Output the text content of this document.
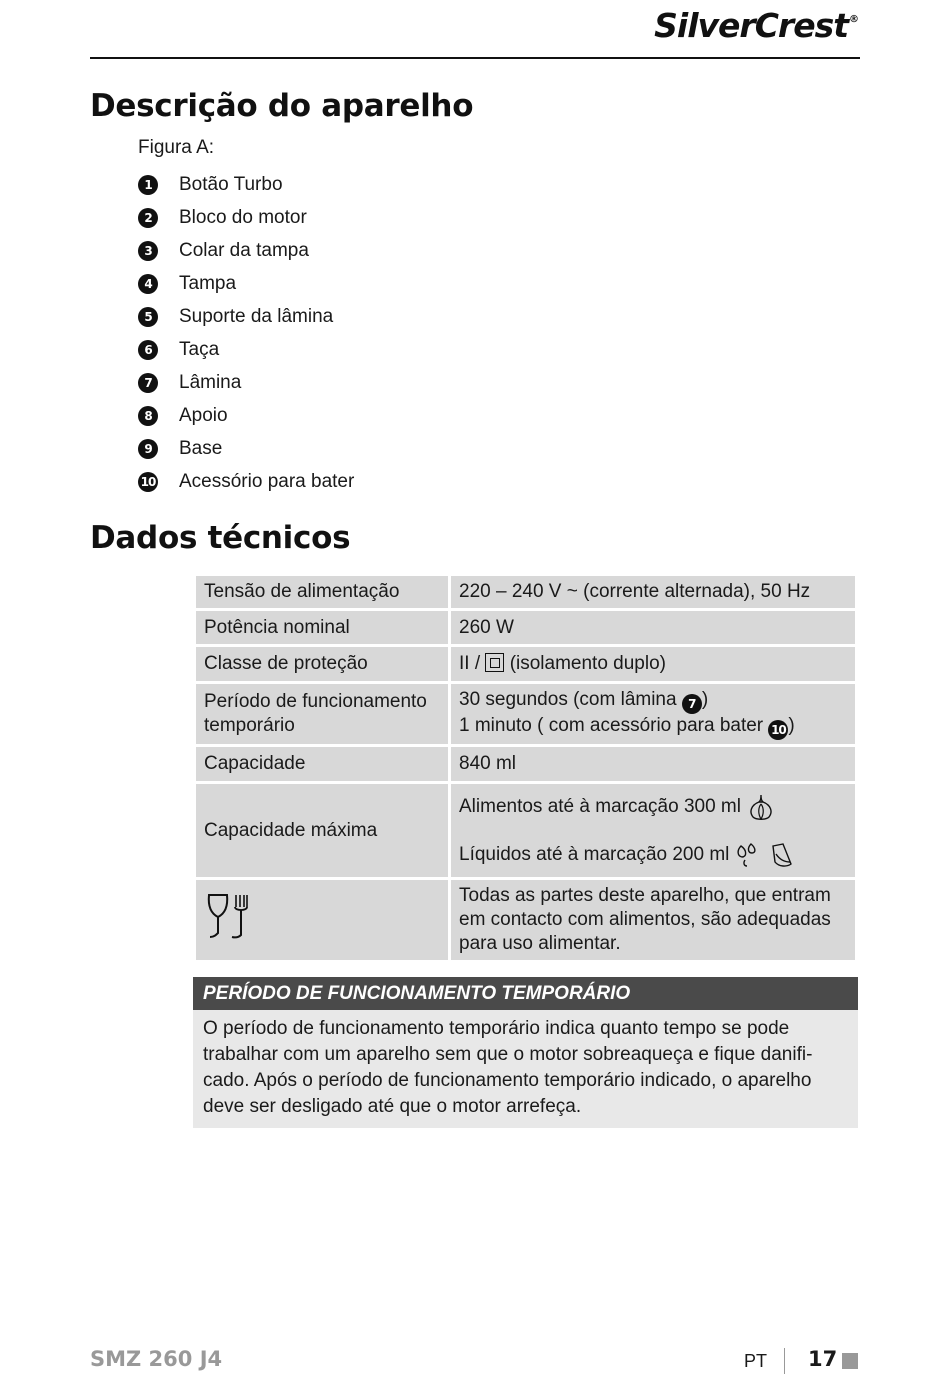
SilverCrest®
Descrição do aparelho
Figura A:
1	Botão Turbo
2	Bloco do motor
3	Colar da tampa
4	Tampa
5	Suporte da lâmina
6	Taça
7	Lâmina
8	Apoio
9	Base
10 Acessório para bater
Dados técnicos
Tensão de alimentação	220 – 240 V ~ (corrente alternada), 50 Hz
Potência nominal	260 W
Classe de proteção	II / (isolamento duplo)
Período de funcionamento temporário	30 segundos (com lâmina 7 )
1 minuto ( com acessório para bater 10 )

Capacidade	840 ml
Capacidade máxima	Alimentos até à marcação 300 ml
Líquidos até à marcação 200 ml

	Todas as partes deste aparelho, que entram em contacto com alimentos, são adequadas para uso alimentar.
PERÍODO DE FUNCIONAMENTO TEMPORÁRIO
O período de funcionamento temporário indica quanto tempo se pode trabalhar com um aparelho sem que o motor sobreaqueça e fique danifi-cado. Após o período de funcionamento temporário indicado, o aparelho deve ser desligado até que o motor arrefeça.
SMZ 260 J4	PT 17
